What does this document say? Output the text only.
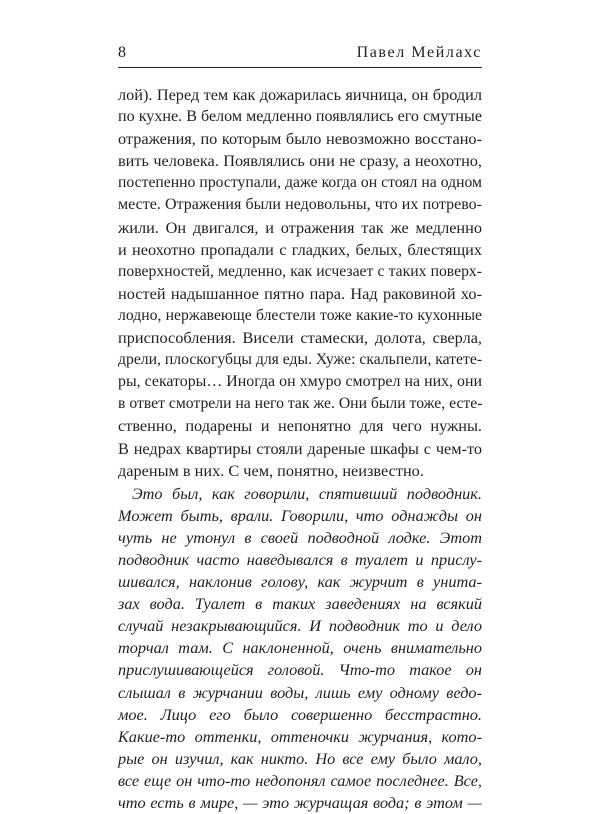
8	Павел Мейлахс
лой). Перед тем как дожарилась яичница, он бродил
по кухне. В белом медленно появлялись его смутные
отражения, по которым было невозможно восстано-
вить человека. Появлялись они не сразу, а неохотно,
постепенно проступали, даже когда он стоял на одном
месте. Отражения были недовольны, что их потрево-
жили. Он двигался, и отражения так же медленно
и неохотно пропадали с гладких, белых, блестящих
поверхностей, медленно, как исчезает с таких поверх-
ностей надышанное пятно пара. Над раковиной хо-
лодно, нержавеюще блестели тоже какие-то кухонные
приспособления. Висели стамески, долота, сверла,
дрели, плоскогубцы для еды. Хуже: скальпели, катете-
ры, секаторы… Иногда он хмуро смотрел на них, они
в ответ смотрели на него так же. Они были тоже, есте-
ственно, подарены и непонятно для чего нужны.
В недрах квартиры стояли дареные шкафы с чем-то
дареным в них. С чем, понятно, неизвестно.
Это был, как говорили, спятивший подводник.
Может быть, врали. Говорили, что однажды он
чуть не утонул в своей подводной лодке. Этот
подводник часто наведывался в туалет и прислу-
шивался, наклонив голову, как журчит в унита-
зах вода. Туалет в таких заведениях на всякий
случай незакрывающийся. И подводник то и дело
торчал там. С наклоненной, очень внимательно
прислушивающейся головой. Что-то такое он
слышал в журчании воды, лишь ему одному ведо-
мое. Лицо его было совершенно бесстрастно.
Какие-то оттенки, оттеночки журчания, кото-
рые он изучил, как никто. Но все ему было мало,
все еще он что-то недопонял самое последнее. Все,
что есть в мире, — это журчащая вода; в этом —
